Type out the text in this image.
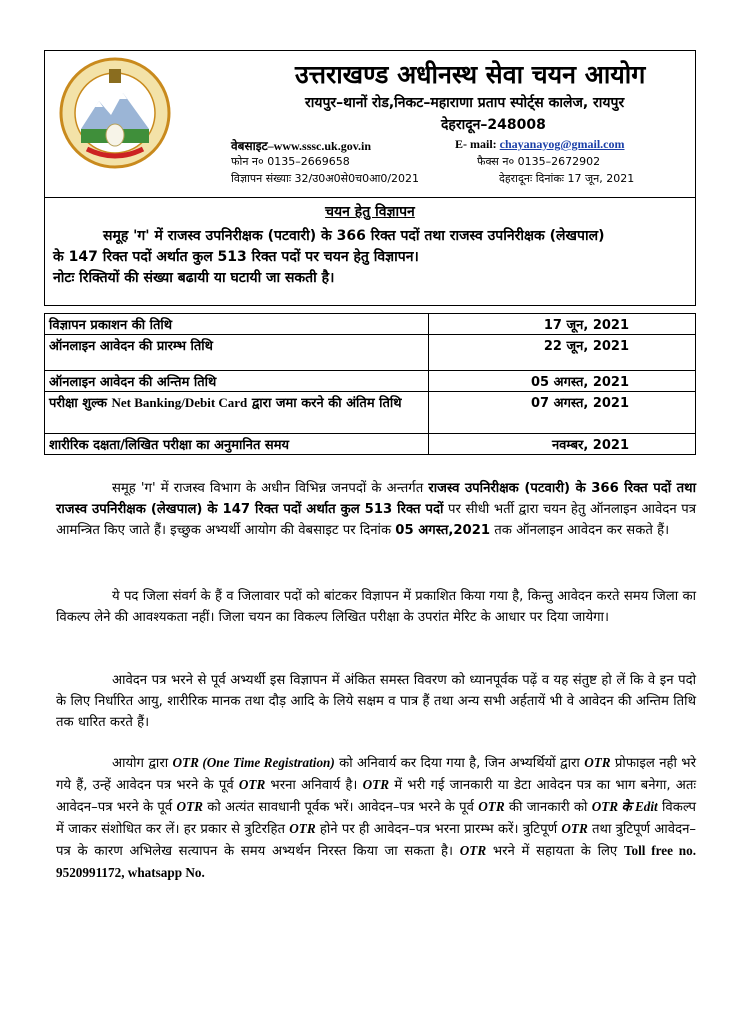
उत्तराखण्ड अधीनस्थ सेवा चयन आयोग
रायपुर–थानों रोड,निकट–महाराणा प्रताप स्पोर्ट्स कालेज, रायपुर
देहरादून–248008
वेबसाइट–www.sssc.uk.gov.in	E- mail: chayanayog@gmail.com
फोन न० 0135–2669658	फैक्स न० 0135–2672902
विज्ञापन संख्याः 32/उ0अ0से0च0आ0/2021	देहरादूनः दिनांकः 17 जून, 2021
चयन हेतु विज्ञापन
समूह 'ग' में राजस्व उपनिरीक्षक (पटवारी) के 366 रिक्त पदों तथा राजस्व उपनिरीक्षक (लेखपाल)
के 147 रिक्त पदों अर्थात कुल 513 रिक्त पदों पर चयन हेतु विज्ञापन।
नोटः रिक्तियों की संख्या बढायी या घटायी जा सकती है।
विज्ञापन प्रकाशन की तिथि	17 जून, 2021
ऑनलाइन आवेदन की प्रारम्भ तिथि	22 जून, 2021
ऑनलाइन आवेदन की अन्तिम तिथि	05 अगस्त, 2021
परीक्षा शुल्क Net Banking/Debit Card द्वारा जमा करने की अंतिम तिथि	07 अगस्त, 2021
शारीरिक दक्षता/लिखित परीक्षा का अनुमानित समय	नवम्बर, 2021
समूह 'ग' में राजस्व विभाग के अधीन विभिन्न जनपदों के अन्तर्गत राजस्व उपनिरीक्षक (पटवारी) के 366 रिक्त पदों तथा राजस्व उपनिरीक्षक (लेखपाल) के 147 रिक्त पदों अर्थात कुल 513 रिक्त पदों पर सीधी भर्ती द्वारा चयन हेतु ऑनलाइन आवेदन पत्र आमन्त्रित किए जाते हैं। इच्छुक अभ्यर्थी आयोग की वेबसाइट पर दिनांक 05 अगस्त,2021 तक ऑनलाइन आवेदन कर सकते हैं।
ये पद जिला संवर्ग के हैं व जिलावार पदों को बांटकर विज्ञापन में प्रकाशित किया गया है, किन्तु आवेदन करते समय जिला का विकल्प लेने की आवश्यकता नहीं। जिला चयन का विकल्प लिखित परीक्षा के उपरांत मेरिट के आधार पर दिया जायेगा।
आवेदन पत्र भरने से पूर्व अभ्यर्थी इस विज्ञापन में अंकित समस्त विवरण को ध्यानपूर्वक पढ़ें व यह संतुष्ट हो लें कि वे इन पदो के लिए निर्धारित आयु, शारीरिक मानक तथा दौड़ आदि के लिये सक्षम व पात्र हैं तथा अन्य सभी अर्हतायें भी वे आवेदन की अन्तिम तिथि तक धारित करते हैं।
आयोग द्वारा OTR (One Time Registration) को अनिवार्य कर दिया गया है, जिन अभ्यर्थियों द्वारा OTR प्रोफाइल नही भरे गये हैं, उन्हें आवेदन पत्र भरने के पूर्व OTR भरना अनिवार्य है। OTR में भरी गई जानकारी या डेटा आवेदन पत्र का भाग बनेगा, अतः आवेदन–पत्र भरने के पूर्व OTR को अत्यंत सावधानी पूर्वक भरें। आवेदन–पत्र भरने के पूर्व OTR की जानकारी को OTR के Edit विकल्प में जाकर संशोधित कर लें। हर प्रकार से त्रुटिरहित OTR होने पर ही आवेदन–पत्र भरना प्रारम्भ करें। त्रुटिपूर्ण OTR तथा त्रुटिपूर्ण आवेदन–पत्र के कारण अभिलेख सत्यापन के समय अभ्यर्थन निरस्त किया जा सकता है। OTR भरने में सहायता के लिए Toll free no. 9520991172, whatsapp No.
